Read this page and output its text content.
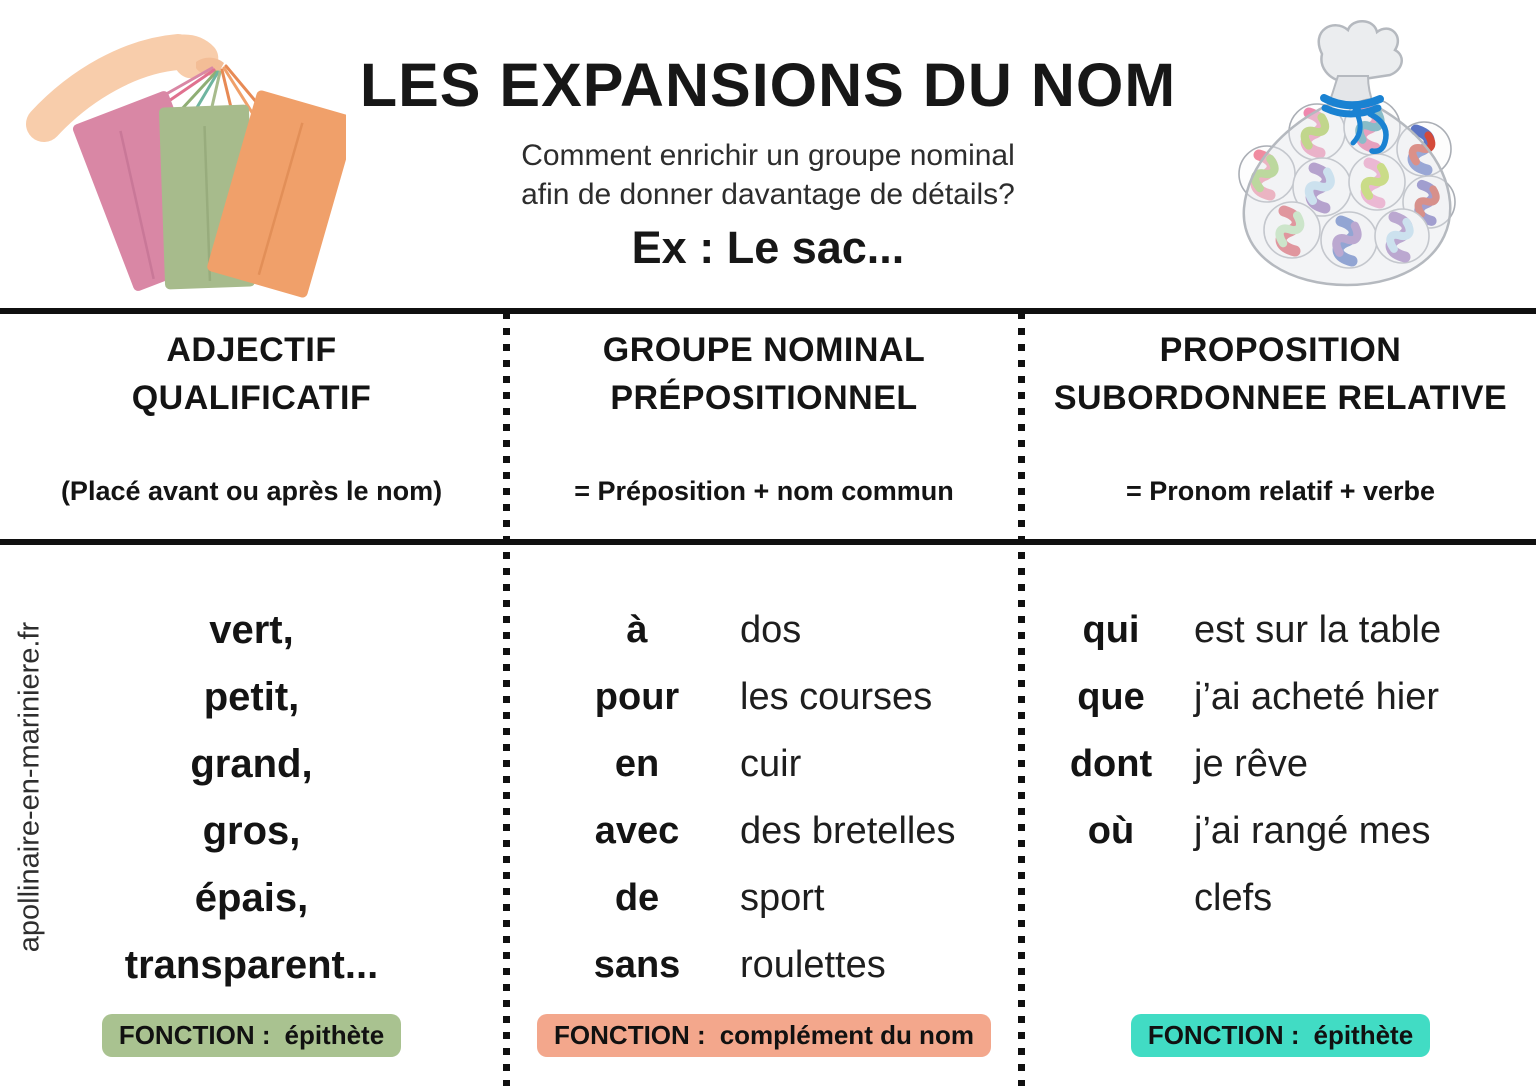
LES EXPANSIONS DU NOM
Comment enrichir un groupe nominal
afin de donner davantage de détails?
Ex : Le sac...
ADJECTIF
QUALIFICATIF
GROUPE NOMINAL
PRÉPOSITIONNEL
PROPOSITION
SUBORDONNEE RELATIVE
(Placé avant ou après le nom)	= Préposition + nom commun	= Pronom relatif + verbe
vert,
petit,
grand,
gros,
épais,
transparent...
à	dos
pour	les courses
en	cuir
avec	des bretelles
de	sport
sans	roulettes
qui	est sur la table
que	j’ai acheté hier
dont	je rêve
où	j’ai rangé mes
clefs
FONCTION : épithète	FONCTION : complément du nom	FONCTION : épithète
apollinaire-en-mariniere.fr
